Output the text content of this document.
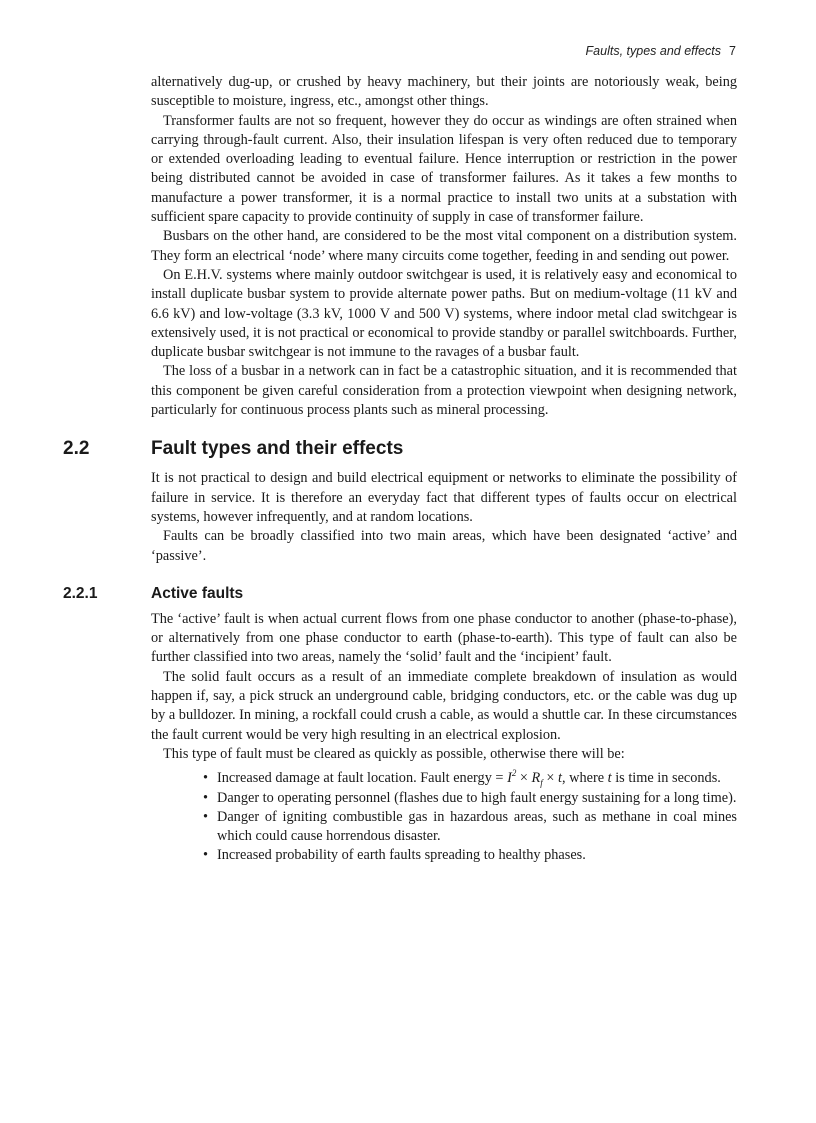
Faults, types and effects 7

alternatively dug-up, or crushed by heavy machinery, but their joints are notoriously weak, being susceptible to moisture, ingress, etc., amongst other things.

Transformer faults are not so frequent, however they do occur as windings are often strained when carrying through-fault current. Also, their insulation lifespan is very often reduced due to temporary or extended overloading leading to eventual failure. Hence interruption or restriction in the power being distributed cannot be avoided in case of transformer failures. As it takes a few months to manufacture a power transformer, it is a normal practice to install two units at a substation with sufficient spare capacity to provide continuity of supply in case of transformer failure.

Busbars on the other hand, are considered to be the most vital component on a distribution system. They form an electrical ‘node’ where many circuits come together, feeding in and sending out power.

On E.H.V. systems where mainly outdoor switchgear is used, it is relatively easy and economical to install duplicate busbar system to provide alternate power paths. But on medium-voltage (11 kV and 6.6 kV) and low-voltage (3.3 kV, 1000 V and 500 V) systems, where indoor metal clad switchgear is extensively used, it is not practical or economical to provide standby or parallel switchboards. Further, duplicate busbar switchgear is not immune to the ravages of a busbar fault.

The loss of a busbar in a network can in fact be a catastrophic situation, and it is recommended that this component be given careful consideration from a protection viewpoint when designing network, particularly for continuous process plants such as mineral processing.

2.2	Fault types and their effects

It is not practical to design and build electrical equipment or networks to eliminate the possibility of failure in service. It is therefore an everyday fact that different types of faults occur on electrical systems, however infrequently, and at random locations.

Faults can be broadly classified into two main areas, which have been designated ‘active’ and ‘passive’.

2.2.1	Active faults

The ‘active’ fault is when actual current flows from one phase conductor to another (phase-to-phase), or alternatively from one phase conductor to earth (phase-to-earth). This type of fault can also be further classified into two areas, namely the ‘solid’ fault and the ‘incipient’ fault.

The solid fault occurs as a result of an immediate complete breakdown of insulation as would happen if, say, a pick struck an underground cable, bridging conductors, etc. or the cable was dug up by a bulldozer. In mining, a rockfall could crush a cable, as would a shuttle car. In these circumstances the fault current would be very high resulting in an electrical explosion.

This type of fault must be cleared as quickly as possible, otherwise there will be:

• Increased damage at fault location. Fault energy = $I^2 \times R_f \times t$, where t is time in seconds.
• Danger to operating personnel (flashes due to high fault energy sustaining for a long time).
• Danger of igniting combustible gas in hazardous areas, such as methane in coal mines which could cause horrendous disaster.
• Increased probability of earth faults spreading to healthy phases.
